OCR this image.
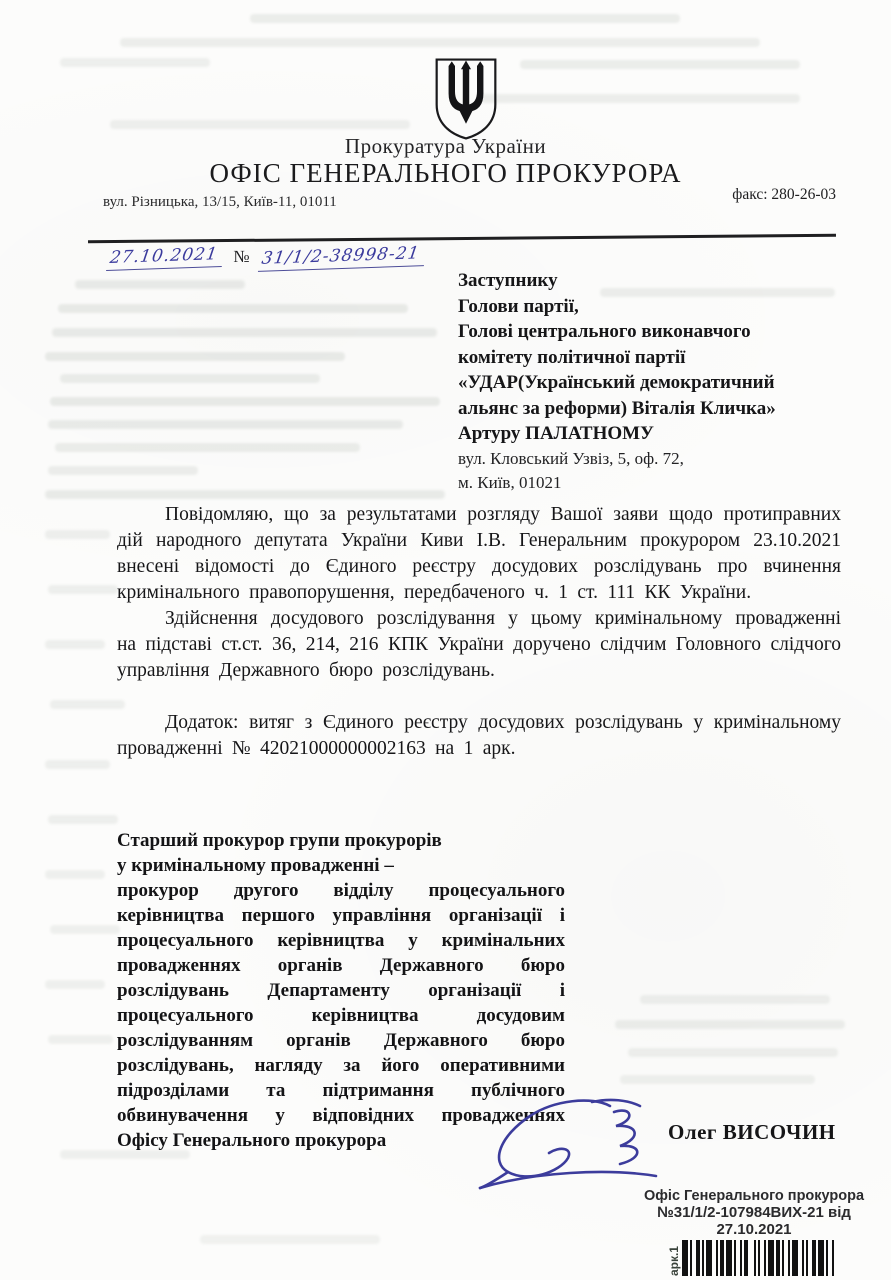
Прокуратура України
ОФІС ГЕНЕРАЛЬНОГО ПРОКУРОРА
вул. Різницька, 13/15, Київ-11, 01011	факс: 280-26-03
27.10.2021 № 31/1/2-38998-21
Заступнику
Голови партії,
Голові центрального виконавчого
комітету політичної партії
«УДАР(Український демократичний
альянс за реформи) Віталія Кличка»
Артуру ПАЛАТНОМУ
вул. Кловський Узвіз, 5, оф. 72,
м. Київ, 01021

Повідомляю, що за результатами розгляду Вашої заяви щодо протиправних дій народного депутата України Киви І.В. Генеральним прокурором 23.10.2021 внесені відомості до Єдиного реєстру досудових розслідувань про вчинення кримінального правопорушення, передбаченого ч. 1 ст. 111 КК України.

Здійснення досудового розслідування у цьому кримінальному провадженні на підставі ст.ст. 36, 214, 216 КПК України доручено слідчим Головного слідчого управління Державного бюро розслідувань.

Додаток: витяг з Єдиного реєстру досудових розслідувань у кримінальному провадженні № 42021000000002163 на 1 арк.

Старший прокурор групи прокурорів
у кримінальному провадженні –
прокурор другого відділу процесуального
керівництва першого управління організації і
процесуального керівництва у кримінальних
провадженнях органів Державного бюро
розслідувань Департаменту організації і
процесуального керівництва досудовим
розслідуванням органів Державного бюро
розслідувань, нагляду за його оперативними
підрозділами та підтримання публічного
обвинувачення у відповідних провадженнях
Офісу Генерального прокурора	Олег ВИСОЧИН
Офіс Генерального прокурора
№31/1/2-107984ВИХ-21 від
27.10.2021
арк.1
